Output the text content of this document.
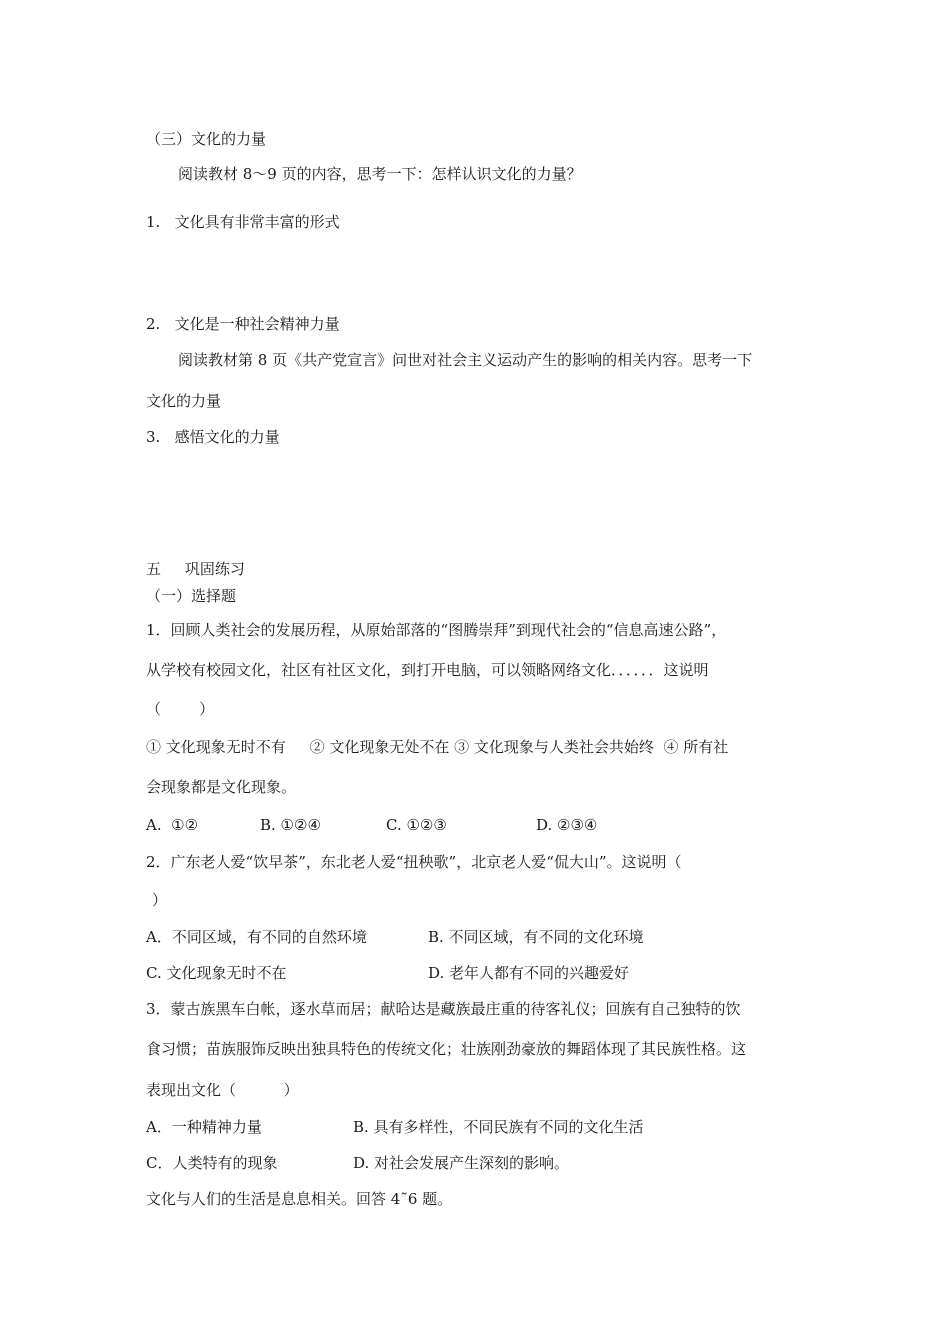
（三）文化的力量
阅读教材 8～9 页的内容，思考一下：怎样认识文化的力量？
1.   文化具有非常丰富的形式
2.   文化是一种社会精神力量
阅读教材第 8 页《共产党宣言》问世对社会主义运动产生的影响的相关内容。思考一下
文化的力量
3.   感悟文化的力量
五     巩固练习
（一）选择题
1．回顾人类社会的发展历程，从原始部落的“图腾崇拜”到现代社会的“信息高速公路”，
从学校有校园文化，社区有社区文化，到打开电脑，可以领略网络文化．．．．．．这说明
（        ）
① 文化现象无时不有     ② 文化现象无处不在 ③ 文化现象与人类社会共始终  ④ 所有社
会现象都是文化现象。
A.  ①②	B. ①②④	C. ①②③	D. ②③④
2．广东老人爱“饮早茶”，东北老人爱“扭秧歌”，北京老人爱“侃大山”。这说明（
）
A．不同区域，有不同的自然环境	B. 不同区域，有不同的文化环境
C. 文化现象无时不在	D. 老年人都有不同的兴趣爱好
3．蒙古族黑车白帐，逐水草而居；献哈达是藏族最庄重的待客礼仪；回族有自己独特的饮
食习惯；苗族服饰反映出独具特色的传统文化；壮族刚劲豪放的舞蹈体现了其民族性格。这
表现出文化（          ）
A．一种精神力量	B. 具有多样性，不同民族有不同的文化生活
C．人类特有的现象	D. 对社会发展产生深刻的影响。
文化与人们的生活是息息相关。回答 4˜6 题。
